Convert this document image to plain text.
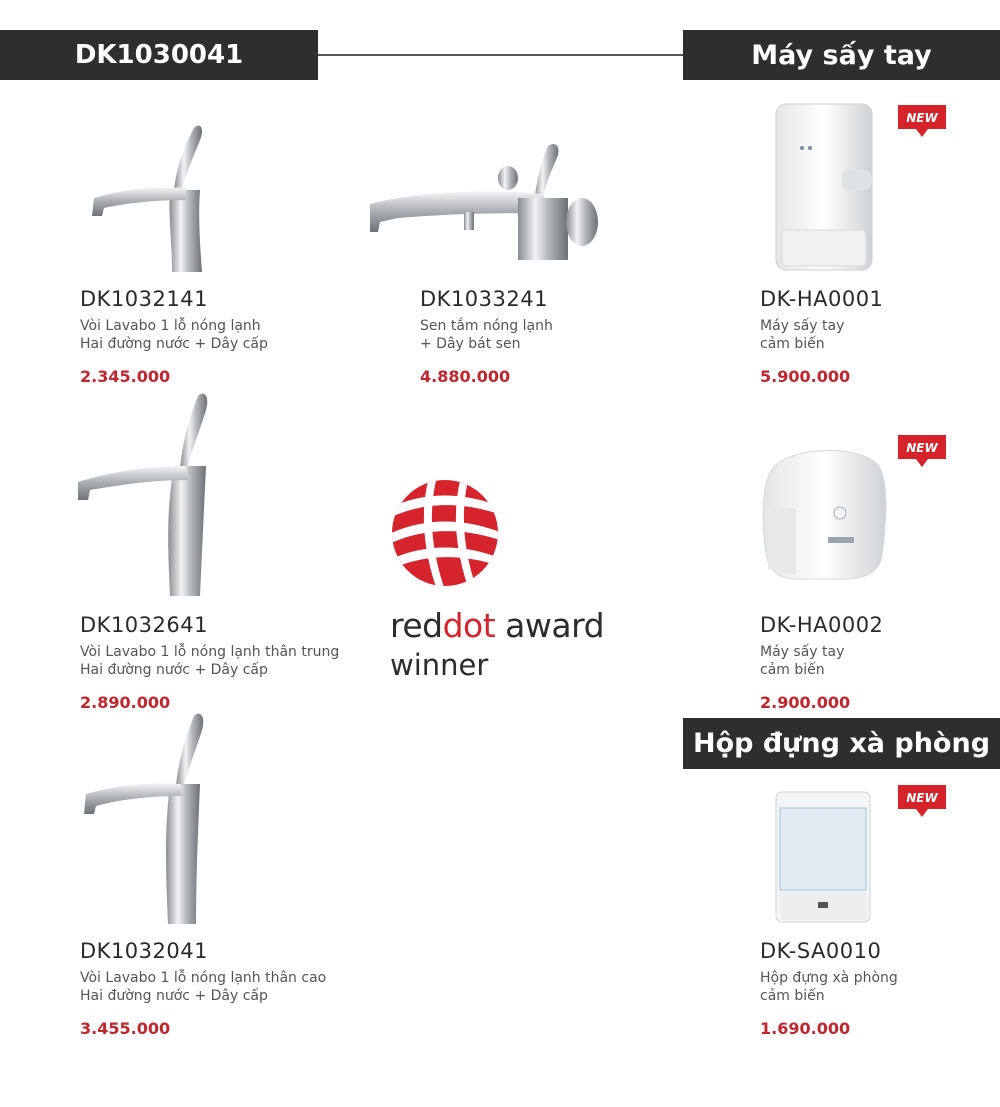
DK1030041	Máy sấy tay
Hộp đựng xà phòng
NEW
NEW
NEW
reddot award
winner
DK1032141
Vòi Lavabo 1 lỗ nóng lạnh
Hai đường nước + Dây cấp
2.345.000
DK1033241
Sen tắm nóng lạnh
+ Dây bát sen
4.880.000
DK-HA0001
Máy sấy tay
cảm biến
5.900.000
DK1032641
Vòi Lavabo 1 lỗ nóng lạnh thân trung
Hai đường nước + Dây cấp
2.890.000
DK-HA0002
Máy sấy tay
cảm biến
2.900.000
DK1032041
Vòi Lavabo 1 lỗ nóng lạnh thân cao
Hai đường nước + Dây cấp
3.455.000
DK-SA0010
Hộp đựng xà phòng
cảm biến
1.690.000
